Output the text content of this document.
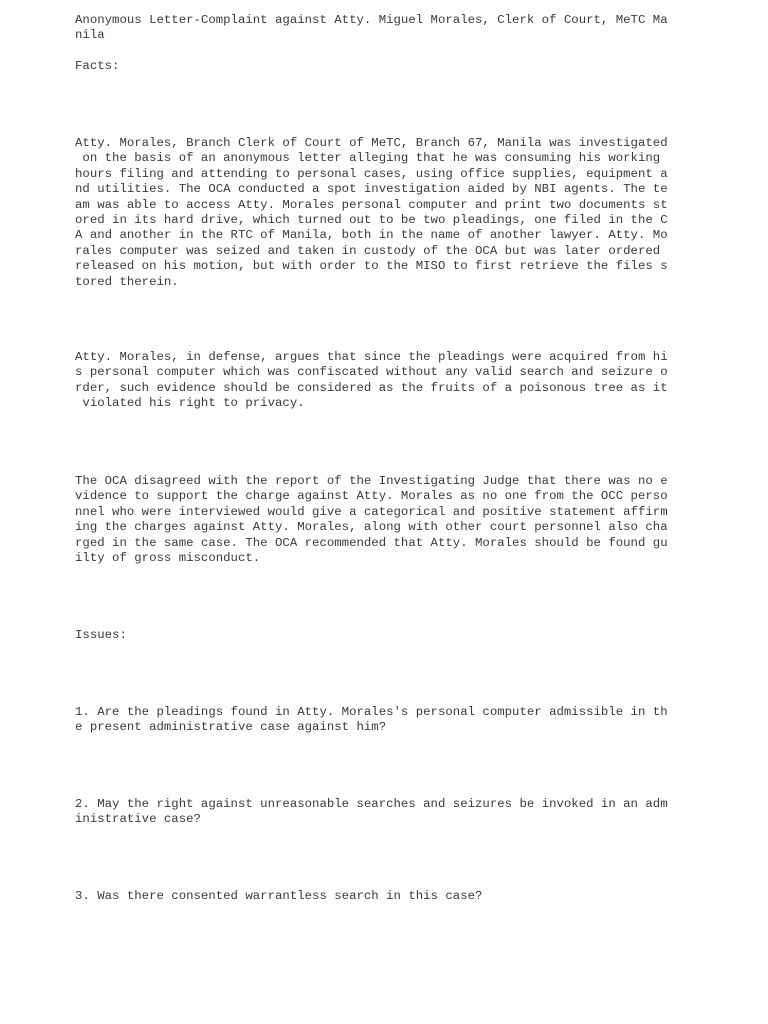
Anonymous Letter-Complaint against Atty. Miguel Morales, Clerk of Court, MeTC Ma
nila

Facts:

Atty. Morales, Branch Clerk of Court of MeTC, Branch 67, Manila was investigated
on the basis of an anonymous letter alleging that he was consuming his working
hours filing and attending to personal cases, using office supplies, equipment a
nd utilities. The OCA conducted a spot investigation aided by NBI agents. The te
am was able to access Atty. Morales personal computer and print two documents st
ored in its hard drive, which turned out to be two pleadings, one filed in the C
A and another in the RTC of Manila, both in the name of another lawyer. Atty. Mo
rales computer was seized and taken in custody of the OCA but was later ordered
released on his motion, but with order to the MISO to first retrieve the files s
tored therein.

Atty. Morales, in defense, argues that since the pleadings were acquired from hi
s personal computer which was confiscated without any valid search and seizure o
rder, such evidence should be considered as the fruits of a poisonous tree as it
violated his right to privacy.

The OCA disagreed with the report of the Investigating Judge that there was no e
vidence to support the charge against Atty. Morales as no one from the OCC perso
nnel who were interviewed would give a categorical and positive statement affirm
ing the charges against Atty. Morales, along with other court personnel also cha
rged in the same case. The OCA recommended that Atty. Morales should be found gu
ilty of gross misconduct.

Issues:

1. Are the pleadings found in Atty. Morales's personal computer admissible in th
e present administrative case against him?

2. May the right against unreasonable searches and seizures be invoked in an adm
inistrative case?

3. Was there consented warrantless search in this case?
